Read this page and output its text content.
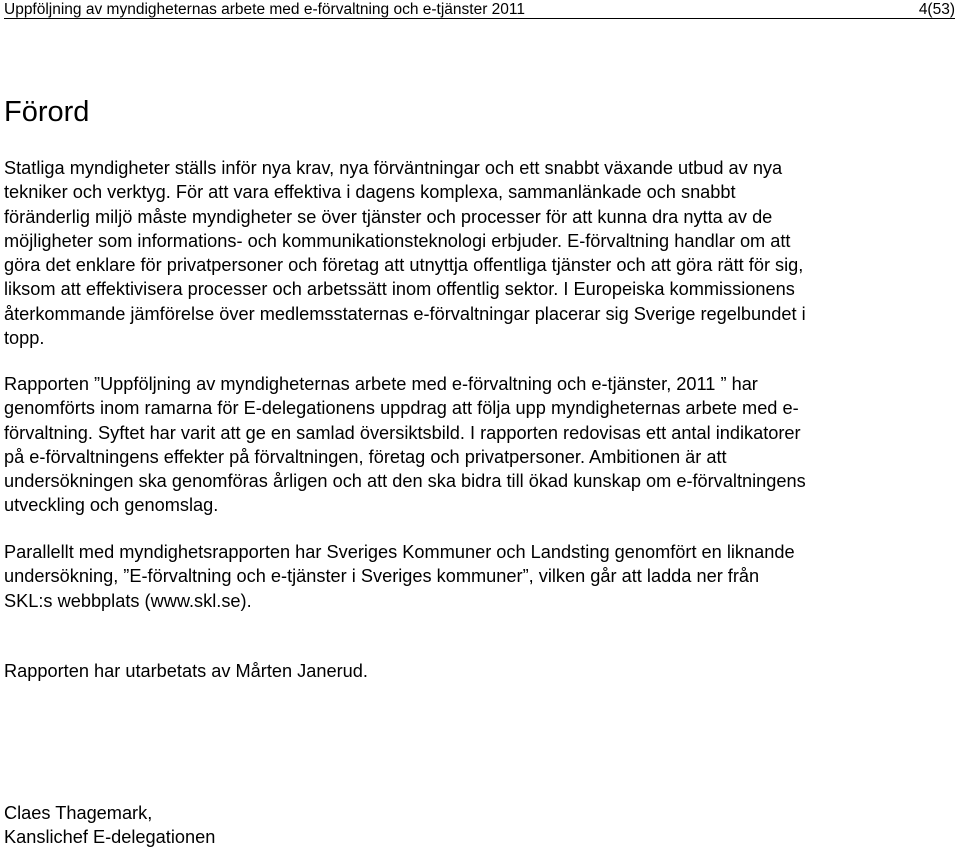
Uppföljning av myndigheternas arbete med e-förvaltning och e-tjänster 2011	4(53)
Förord

Statliga myndigheter ställs inför nya krav, nya förväntningar och ett snabbt växande utbud av nya
tekniker och verktyg. För att vara effektiva i dagens komplexa, sammanlänkade och snabbt
föränderlig miljö måste myndigheter se över tjänster och processer för att kunna dra nytta av de
möjligheter som informations- och kommunikationsteknologi erbjuder. E-förvaltning handlar om att
göra det enklare för privatpersoner och företag att utnyttja offentliga tjänster och att göra rätt för sig,
liksom att effektivisera processer och arbetssätt inom offentlig sektor. I Europeiska kommissionens
återkommande jämförelse över medlemsstaternas e-förvaltningar placerar sig Sverige regelbundet i
topp.

Rapporten ”Uppföljning av myndigheternas arbete med e-förvaltning och e-tjänster, 2011 ” har
genomförts inom ramarna för E-delegationens uppdrag att följa upp myndigheternas arbete med e-
förvaltning. Syftet har varit att ge en samlad översiktsbild. I rapporten redovisas ett antal indikatorer
på e-förvaltningens effekter på förvaltningen, företag och privatpersoner. Ambitionen är att
undersökningen ska genomföras årligen och att den ska bidra till ökad kunskap om e-förvaltningens
utveckling och genomslag.

Parallellt med myndighetsrapporten har Sveriges Kommuner och Landsting genomfört en liknande
undersökning, ”E-förvaltning och e-tjänster i Sveriges kommuner”, vilken går att ladda ner från
SKL:s webbplats (www.skl.se).

Rapporten har utarbetats av Mårten Janerud.

Claes Thagemark,
Kanslichef E-delegationen
